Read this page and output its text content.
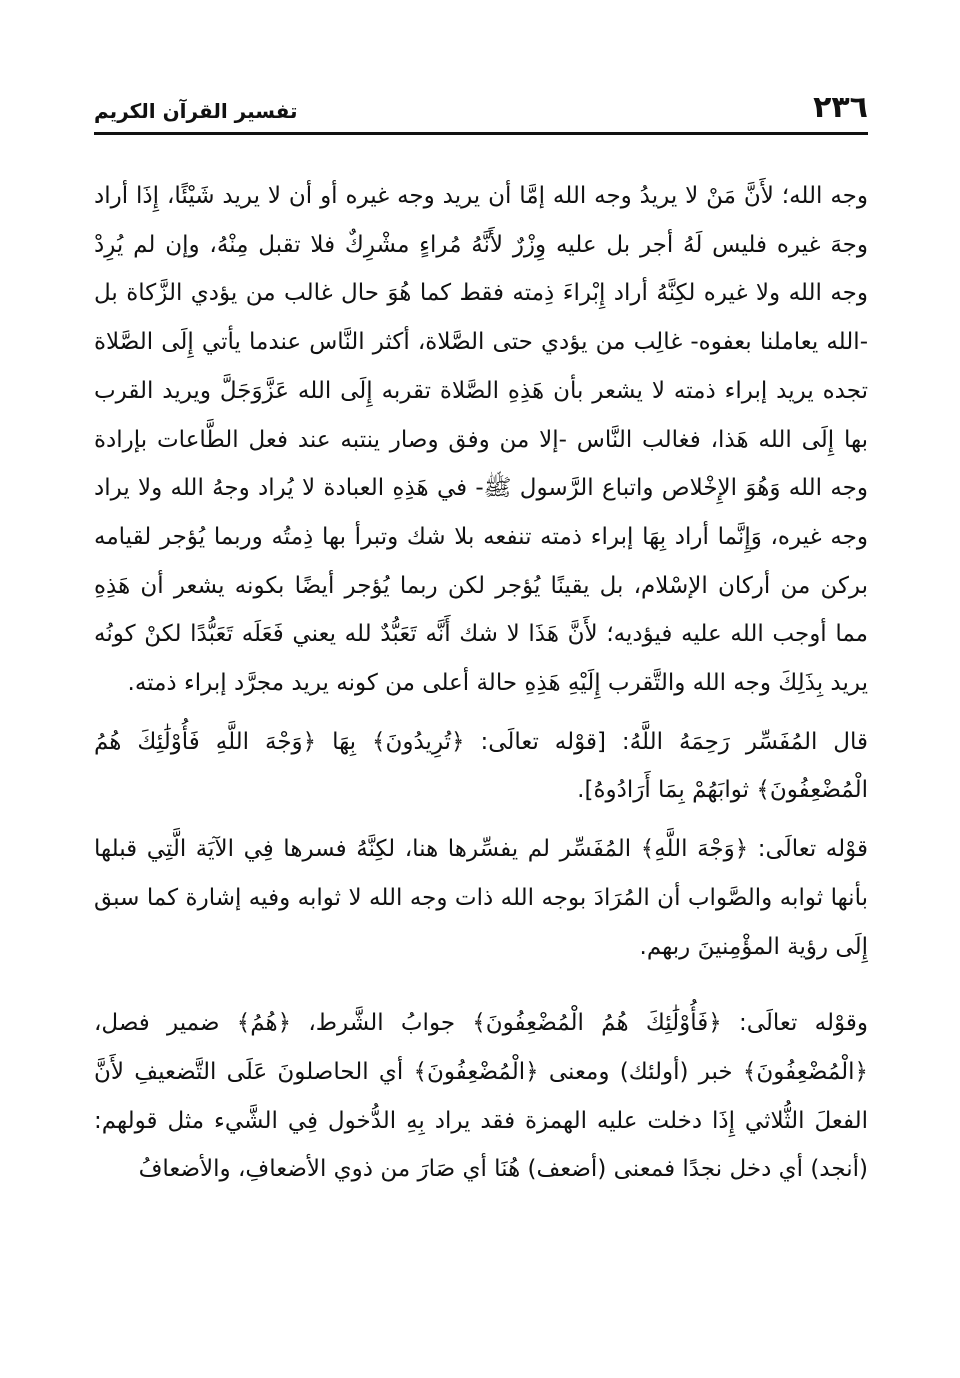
٢٣٦
تفسير القرآن الكريم

وجه الله؛ لأَنَّ مَنْ لا يريدُ وجه الله إمَّا أن يريد وجه غيره أو أن لا يريد شَيْئًا، إِذَا أراد وجهَ غيره فليس لَهُ أجر بل عليه وِزْرٌ لأَنَّهُ مُراءٍ مشْرِكٌ فلا تقبل مِنْهُ، وإن لم يُرِدْ وجه الله ولا غيره لكِنَّهُ أراد إِبْراءَ ذِمته فقط كما هُوَ حال غالب من يؤدي الزَّكاة بل -الله يعاملنا بعفوه- غالِب من يؤدي حتى الصَّلاة، أكثر النَّاس عندما يأتي إِلَى الصَّلاة تجده يريد إبراء ذمته لا يشعر بأن هَذِهِ الصَّلاة تقربه إِلَى الله عَزَّوَجَلَّ ويريد القرب بها إِلَى الله هَذا، فغالب النَّاس -إلا من وفق وصار ينتبه عند فعل الطَّاعات بإرادة وجه الله وَهُوَ الإِخْلاص واتباع الرَّسول ﷺ- في هَذِهِ العبادة لا يُراد وجهُ الله ولا يراد وجه غيره، وَإِنَّما أراد بِهَا إبراء ذمته تنفعه بلا شك وتبرأ بها ذِمتُه وربما يُؤجر لقيامه بركن من أركان الإسْلام، بل يقينًا يُؤجر لكن ربما يُؤجر أيضًا بكونه يشعر أن هَذِهِ مما أوجب الله عليه فيؤديه؛ لأَنَّ هَذَا لا شك أَنَّه تَعَبُّدٌ لله يعني فَعَلَه تَعَبُّدًا لكنْ كونُه يريد بِذَلِكَ وجه الله والتَّقرب إِلَيْهِ هَذِهِ حالة أعلى من كونه يريد مجرَّد إبراء ذمته.

قال المُفَسِّر رَحِمَهُ اللَّهُ: [قوْله تعالَى: ﴿تُرِيدُونَ﴾ بِهَا ﴿وَجْهَ اللَّهِ فَأُوْلَٰئِكَ هُمُ الْمُضْعِفُونَ﴾ ثوابَهُمْ بِمَا أَرَادُوهُ].

قوْله تعالَى: ﴿وَجْهَ اللَّهِ﴾ المُفَسِّر لم يفسِّرها هنا، لكِنَّهُ فسرها فِي الآيَة الَّتِي قبلها بأنها ثوابه والصَّواب أن المُرَادَ بوجه الله ذات وجه الله لا ثوابه وفيه إشارة كما سبق إِلَى رؤية المؤْمِنينَ ربهم.

وقوْله تعالَى: ﴿فَأُوْلَٰئِكَ هُمُ الْمُضْعِفُونَ﴾ جوابُ الشَّرط، ﴿هُمُ﴾ ضمير فصل، ﴿الْمُضْعِفُونَ﴾ خبر (أولئك) ومعنى ﴿الْمُضْعِفُونَ﴾ أي الحاصلونَ عَلَى التَّضعيفِ لأَنَّ الفعلَ الثُّلاثي إِذَا دخلت عليه الهمزة فقد يراد بِهِ الدُّخول فِي الشَّيء مثل قولهم: (أنجد) أي دخل نجدًا فمعنى (أضعف) هُنَا أي صَارَ من ذوي الأضعافِ، والأضعافُ
